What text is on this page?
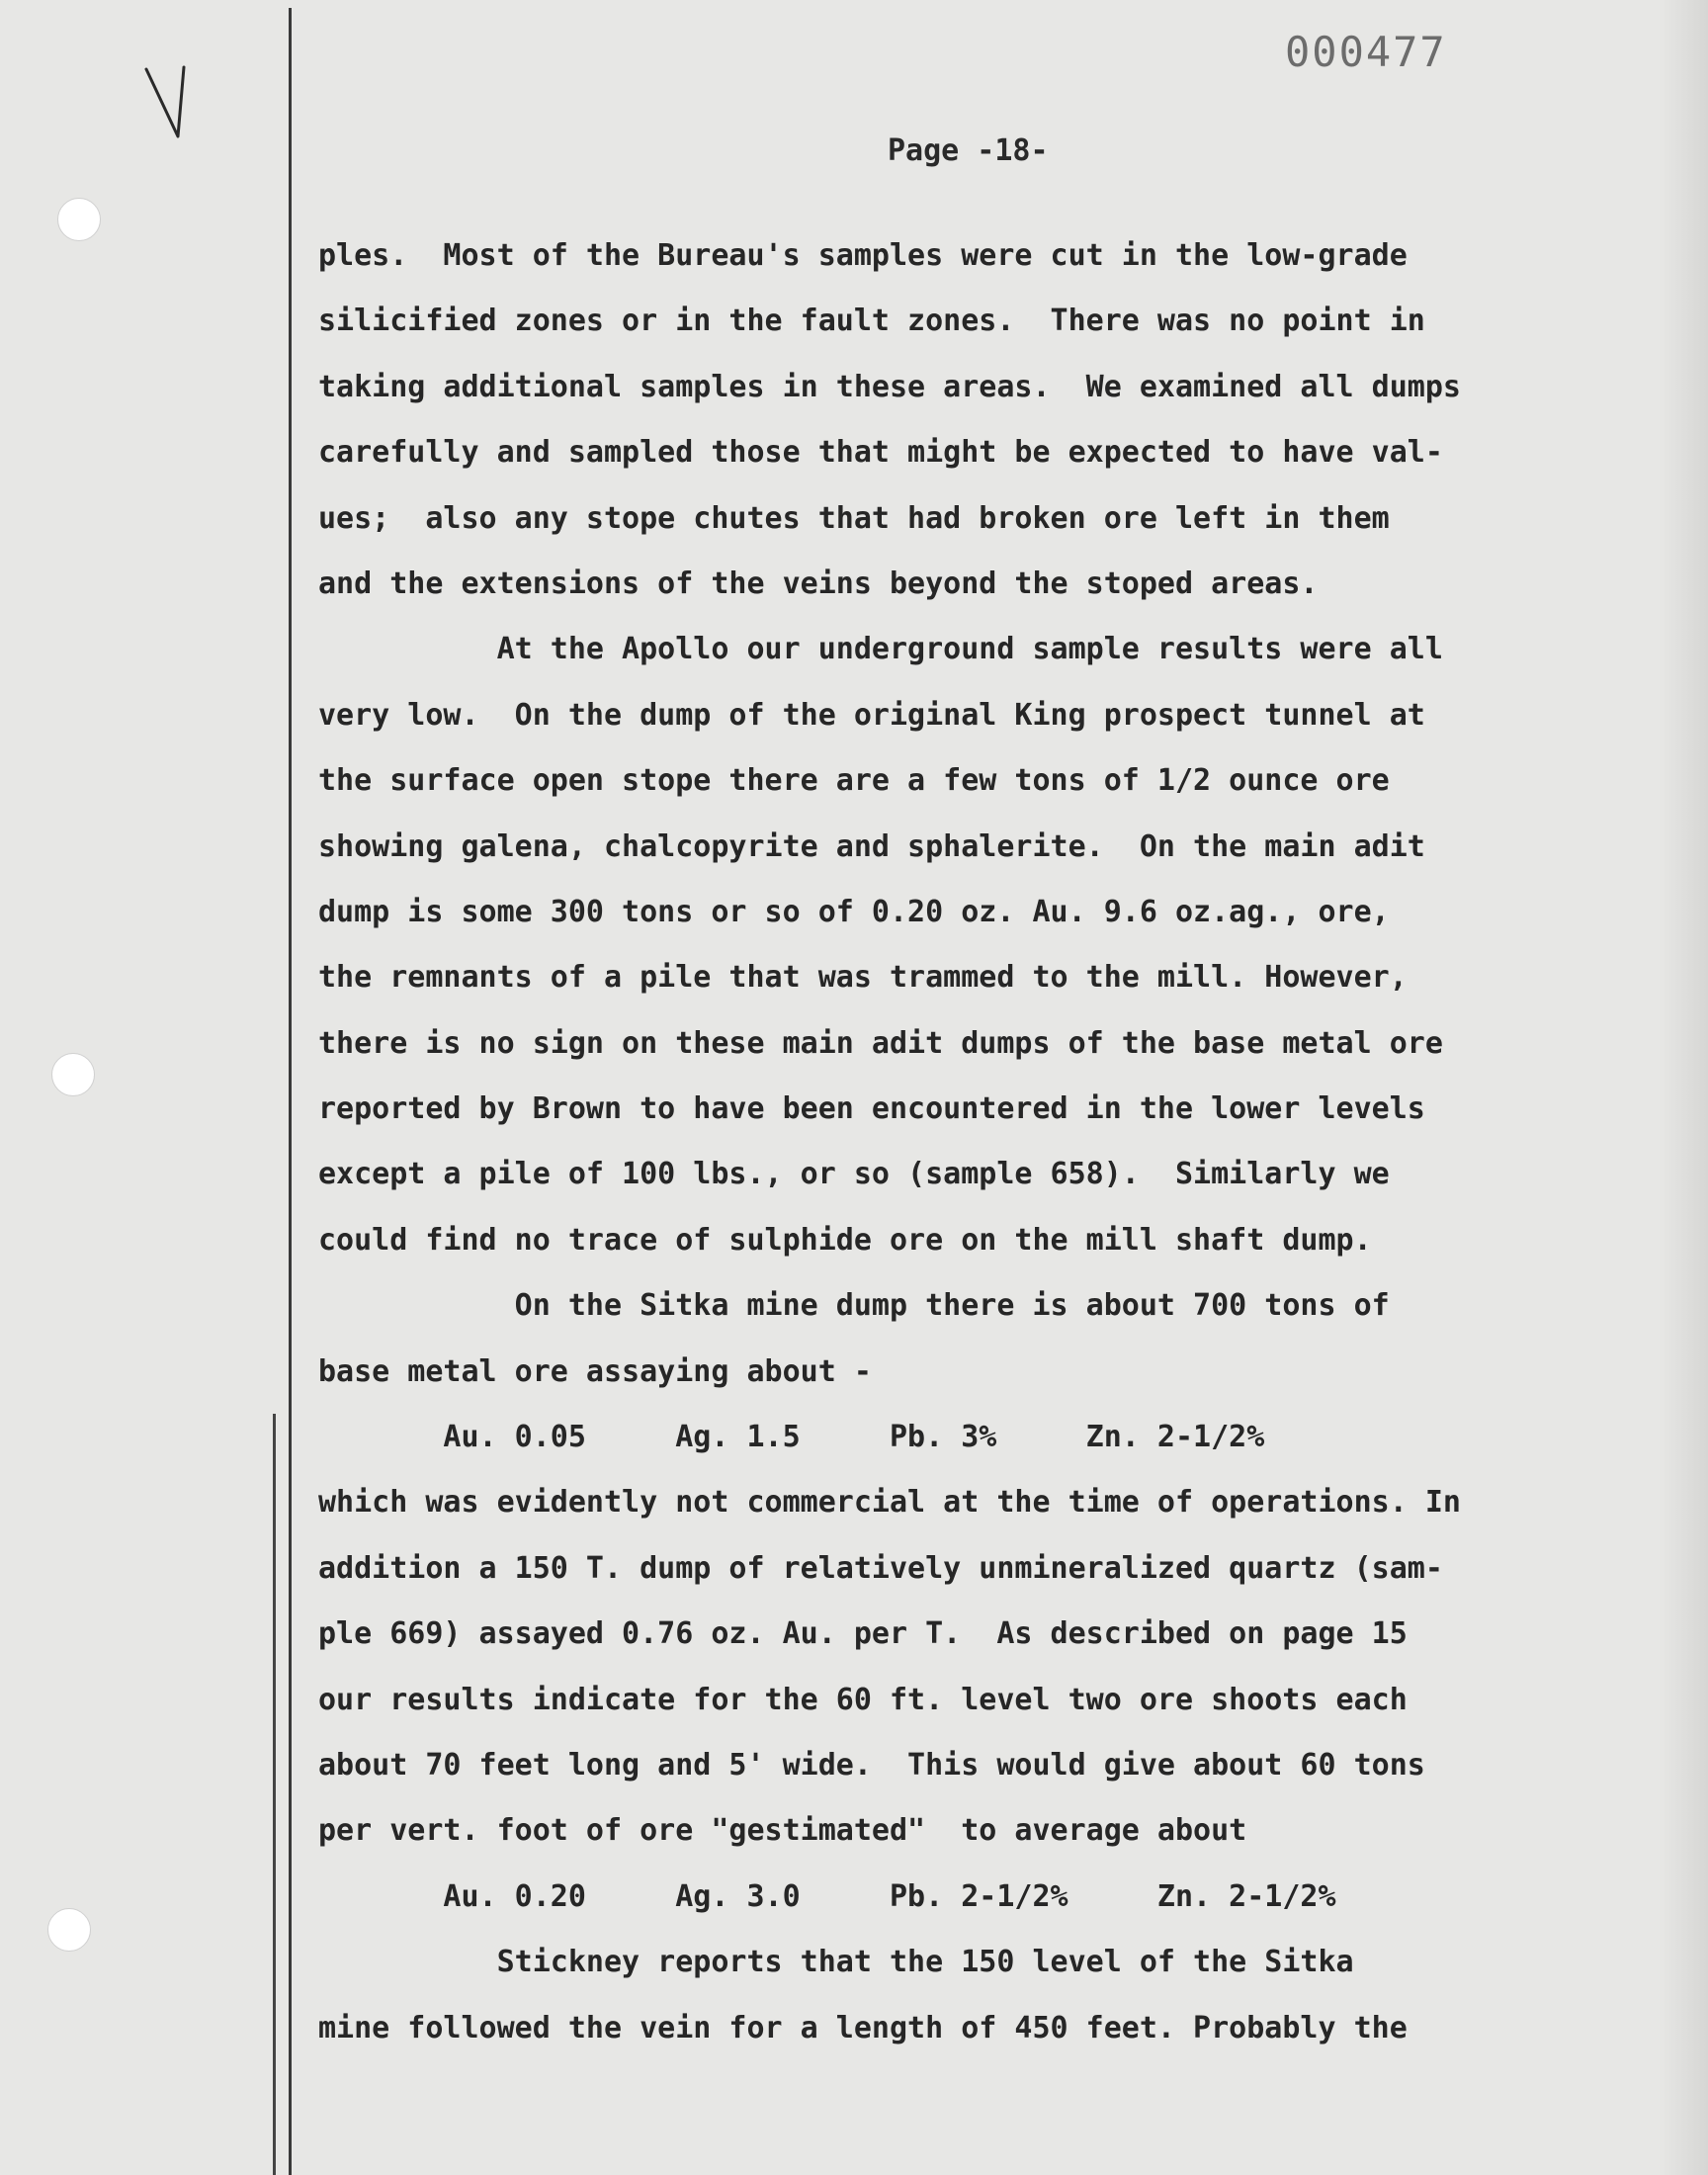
000477
Page -18-
ples.  Most of the Bureau's samples were cut in the low-grade
silicified zones or in the fault zones.  There was no point in
taking additional samples in these areas.  We examined all dumps
carefully and sampled those that might be expected to have val-
ues;  also any stope chutes that had broken ore left in them
and the extensions of the veins beyond the stoped areas.
At the Apollo our underground sample results were all
very low.  On the dump of the original King prospect tunnel at
the surface open stope there are a few tons of 1/2 ounce ore
showing galena, chalcopyrite and sphalerite.  On the main adit
dump is some 300 tons or so of 0.20 oz. Au. 9.6 oz.ag., ore,
the remnants of a pile that was trammed to the mill. However,
there is no sign on these main adit dumps of the base metal ore
reported by Brown to have been encountered in the lower levels
except a pile of 100 lbs., or so (sample 658).  Similarly we
could find no trace of sulphide ore on the mill shaft dump.
On the Sitka mine dump there is about 700 tons of
base metal ore assaying about -
Au. 0.05     Ag. 1.5     Pb. 3%     Zn. 2-1/2%
which was evidently not commercial at the time of operations. In
addition a 150 T. dump of relatively unmineralized quartz (sam-
ple 669) assayed 0.76 oz. Au. per T.  As described on page 15
our results indicate for the 60 ft. level two ore shoots each
about 70 feet long and 5' wide.  This would give about 60 tons
per vert. foot of ore "gestimated"  to average about
Au. 0.20     Ag. 3.0     Pb. 2-1/2%     Zn. 2-1/2%
Stickney reports that the 150 level of the Sitka
mine followed the vein for a length of 450 feet. Probably the
